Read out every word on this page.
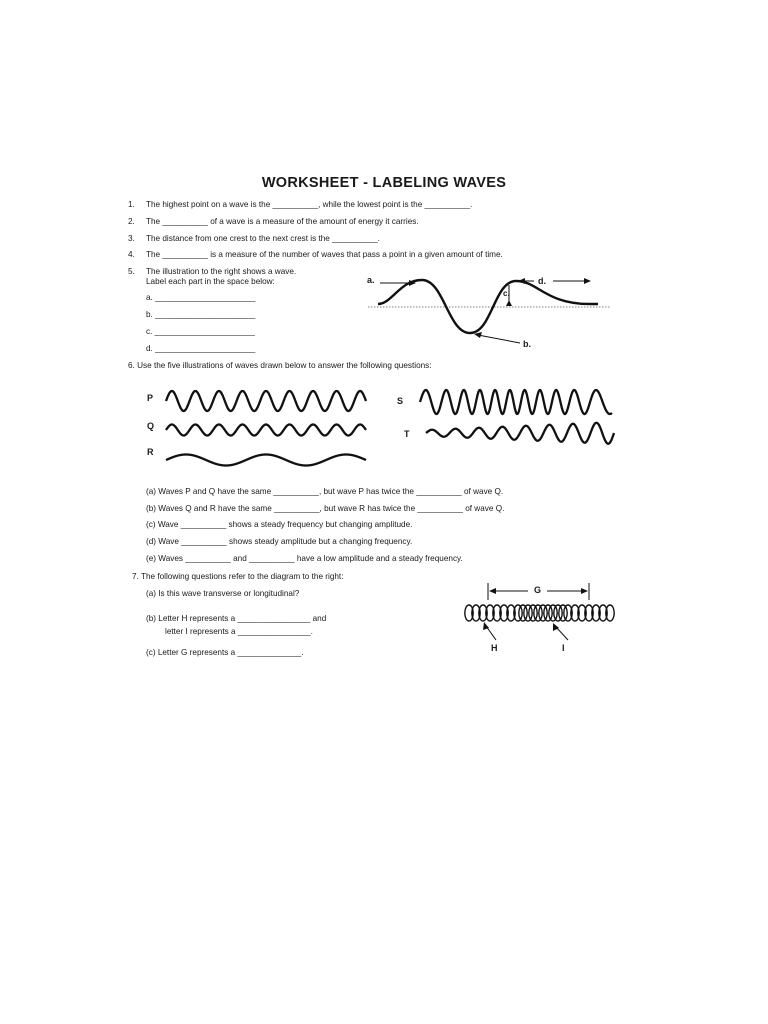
WORKSHEET - LABELING WAVES
1. The highest point on a wave is the __________, while the lowest point is the __________.
2. The __________ of a wave is a measure of the amount of energy it carries.
3. The distance from one crest to the next crest is the __________.
4. The __________ is a measure of the number of waves that pass a point in a given amount of time.
5. The illustration to the right shows a wave.
Label each part in the space below:
a. ______________________
b. ______________________
c. ______________________
d. ______________________
a.	d.
c.
b.
6. Use the five illustrations of waves drawn below to answer the following questions:
P
Q
R
S
T
(a) Waves P and Q have the same __________, but wave P has twice the __________ of wave Q.
(b) Waves Q and R have the same __________, but wave R has twice the __________ of wave Q.
(c) Wave __________ shows a steady frequency but changing amplitude.
(d) Wave __________ shows steady amplitude but a changing frequency.
(e) Waves __________ and __________ have a low amplitude and a steady frequency.
7. The following questions refer to the diagram to the right:
(a) Is this wave transverse or longitudinal?
(b) Letter H represents a ________________ and
letter I represents a ________________.
(c) Letter G represents a ______________.
G
H	I
